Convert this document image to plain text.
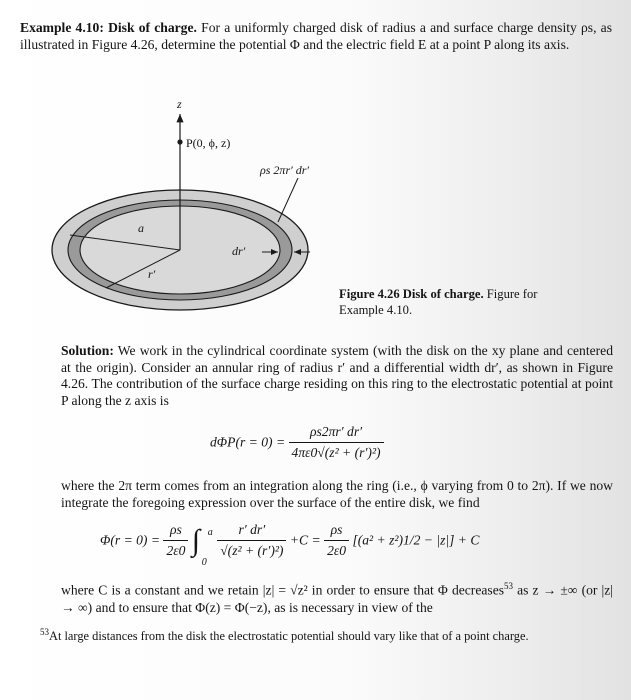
Example 4.10: Disk of charge. For a uniformly charged disk of radius a and surface charge density ρs, as illustrated in Figure 4.26, determine the potential Φ and the electric field E at a point P along its axis.
z
P(0, ϕ, z)
ρs 2πr′ dr′
a
r′
dr′
Figure 4.26 Disk of charge. Figure for Example 4.10.
Solution: We work in the cylindrical coordinate system (with the disk on the xy plane and centered at the origin). Consider an annular ring of radius r′ and a differential width dr′, as shown in Figure 4.26. The contribution of the surface charge residing on this ring to the electrostatic potential at point P along the z axis is
$d\Phi P(r = 0) = \frac{\rho s2\pi r' dr'}{\text{4πε0√(z² + (r′)²)}}$
where the 2π term comes from an integration along the ring (i.e., ϕ varying from 0 to 2π). If we now integrate the foregoing expression over the surface of the entire disk, we find
$\Phi(r = 0) = \frac{\rho s}{2\varepsilon 0}$ ∫ a
0

$\frac{r' dr'}{\text{√(z² + (r′)²)}} +C = \frac{\rho s}{2\varepsilon 0} [(a^2 + z^2)1/2 - |z|] + C$
where C is a constant and we retain |z| = √z² in order to ensure that Φ decreases$^{53}$ as z → ±∞ (or |z| → ∞) and to ensure that Φ(z) = Φ(−z), as is necessary in view of the
$^{53}$At large distances from the disk the electrostatic potential should vary like that of a point charge.
